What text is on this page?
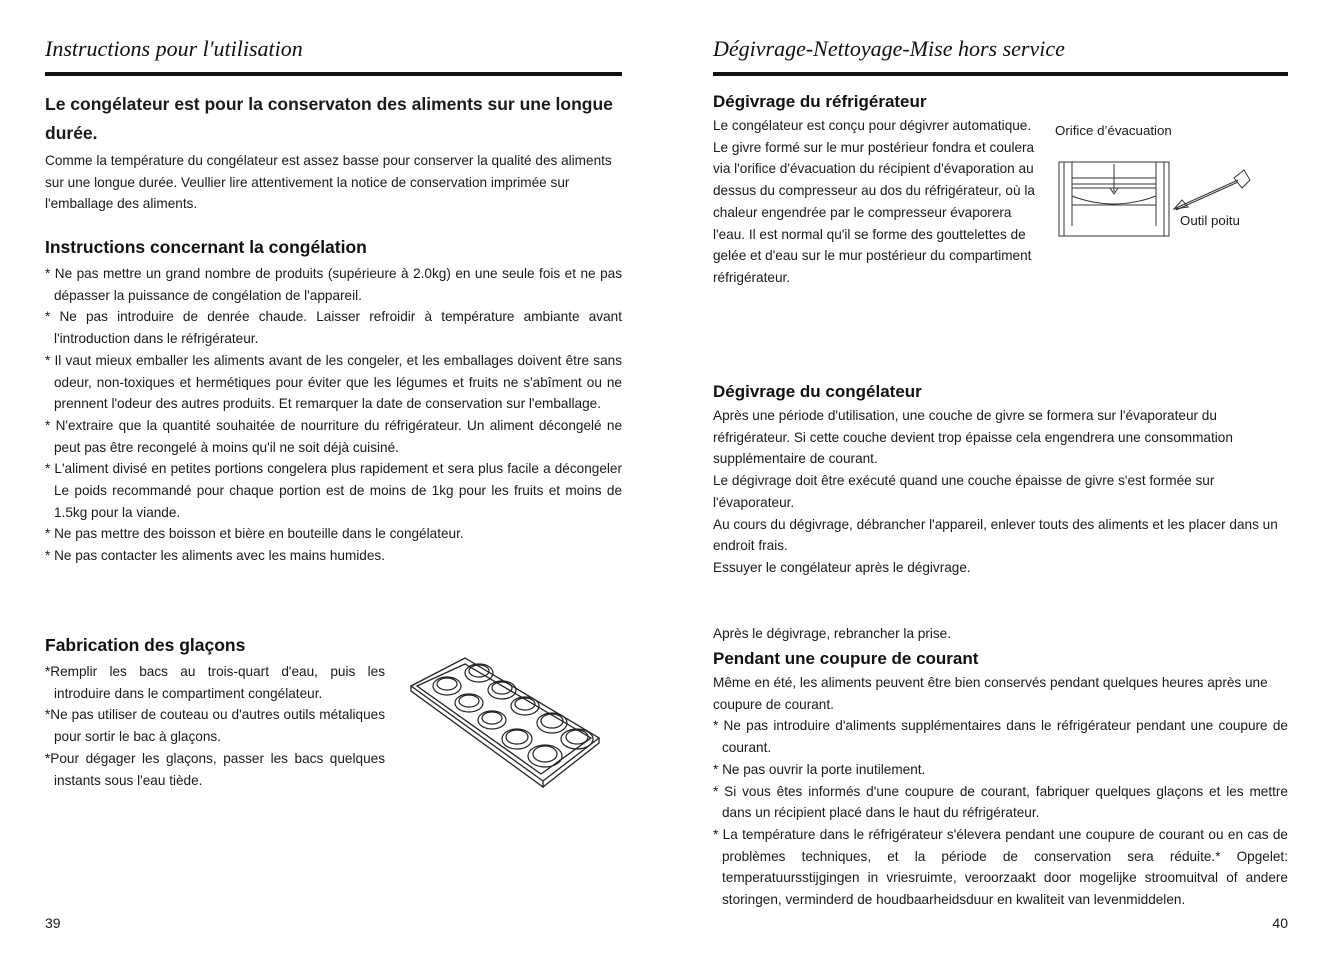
Instructions pour l'utilisation
Le congélateur est pour la conservaton des aliments sur une longue durée.

Comme la température du congélateur est assez basse pour conserver la qualité des aliments sur une longue durée. Veullier lire attentivement la notice de conservation imprimée sur l'emballage des aliments.

Instructions concernant la congélation
* Ne pas mettre un grand nombre de produits (supérieure à 2.0kg) en une seule fois et ne pas dépasser la puissance de congélation de l'appareil.
* Ne pas introduire de denrée chaude. Laisser refroidir à température ambiante avant l'introduction dans le réfrigérateur.
* Il vaut mieux emballer les aliments avant de les congeler, et les emballages doivent être sans odeur, non-toxiques et hermétiques pour éviter que les légumes et fruits ne s'abîment ou ne prennent l'odeur des autres produits. Et remarquer la date de conservation sur l'emballage.
* N'extraire que la quantité souhaitée de nourriture du réfrigérateur. Un aliment décongelé ne peut pas être recongelé à moins qu'il ne soit déjà cuisiné.
* L'aliment divisé en petites portions congelera plus rapidement et sera plus facile a décongeler Le poids recommandé pour chaque portion est de moins de 1kg pour les fruits et moins de 1.5kg pour la viande.
* Ne pas mettre des boisson et bière en bouteille dans le congélateur.
* Ne pas contacter les aliments avec les mains humides.
Fabrication des glaçons
*Remplir les bacs au trois-quart d'eau, puis les introduire dans le compartiment congélateur.
*Ne pas utiliser de couteau ou d'autres outils métaliques pour sortir le bac à glaçons.
*Pour dégager les glaçons, passer les bacs quelques instants sous l'eau tiède.
39
Dégivrage-Nettoyage-Mise hors service
Dégivrage du réfrigérateur

Le congélateur est conçu pour dégivrer automatique. Le givre formé sur le mur postérieur fondra et coulera via l'orifice d'évacuation du récipient d'évaporation au dessus du compresseur au dos du réfrigérateur, où la chaleur engendrée par le compresseur évaporera l'eau. Il est normal qu'il se forme des gouttelettes de gelée et d'eau sur le mur postérieur du compartiment réfrigérateur.

Orifice d’évacuation
Outil poitu
Dégivrage du congélateur

Après une période d'utilisation, une couche de givre se formera sur l'évaporateur du réfrigérateur. Si cette couche devient trop épaisse cela engendrera une consommation supplémentaire de courant.

Le dégivrage doit être exécuté quand une couche épaisse de givre s'est formée sur l'évaporateur.

Au cours du dégivrage, débrancher l'appareil, enlever touts des aliments et les placer dans un endroit frais.

Essuyer le congélateur après le dégivrage.

Après le dégivrage, rebrancher la prise.

Pendant une coupure de courant

Même en été, les aliments peuvent être bien conservés pendant quelques heures après une coupure de courant.

* Ne pas introduire d'aliments supplémentaires dans le réfrigérateur pendant une coupure de courant.
* Ne pas ouvrir la porte inutilement.
* Si vous êtes informés d'une coupure de courant, fabriquer quelques glaçons et les mettre dans un récipient placé dans le haut du réfrigérateur.
* La température dans le réfrigérateur s'élevera pendant une coupure de courant ou en cas de problèmes techniques, et la période de conservation sera réduite.* Opgelet: temperatuursstijgingen in vriesruimte, veroorzaakt door mogelijke stroomuitval of andere storingen, verminderd de houdbaarheidsduur en kwaliteit van levenmiddelen.
40
